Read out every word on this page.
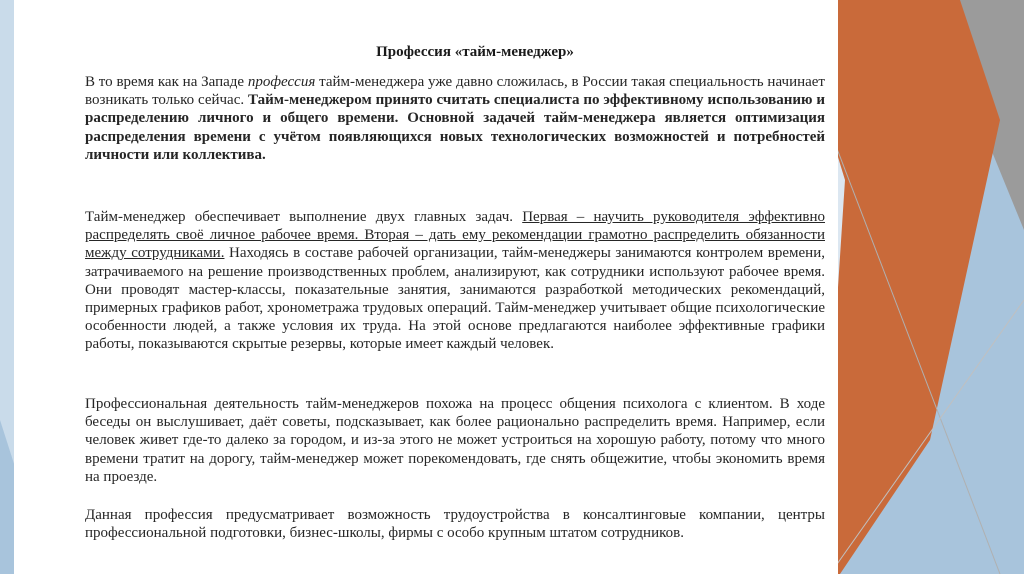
Профессия «тайм-менеджер»

В то время как на Западе профессия тайм-менеджера уже давно сложилась, в России такая специальность начинает возникать только сейчас. Тайм-менеджером принято считать специалиста по эффективному использованию и распределению личного и общего времени. Основной задачей тайм-менеджера является оптимизация распределения времени с учётом появляющихся новых технологических возможностей и потребностей личности или коллектива.

Тайм-менеджер обеспечивает выполнение двух главных задач. Первая – научить руководителя эффективно распределять своё личное рабочее время. Вторая – дать ему рекомендации грамотно распределить обязанности между сотрудниками. Находясь в составе рабочей организации, тайм-менеджеры занимаются контролем времени, затрачиваемого на решение производственных проблем, анализируют, как сотрудники используют рабочее время. Они проводят мастер-классы, показательные занятия, занимаются разработкой методических рекомендаций, примерных графиков работ, хронометража трудовых операций. Тайм-менеджер учитывает общие психологические особенности людей, а также условия их труда. На этой основе предлагаются наиболее эффективные графики работы, показываются скрытые резервы, которые имеет каждый человек.

Профессиональная деятельность тайм-менеджеров похожа на процесс общения психолога с клиентом. В ходе беседы он выслушивает, даёт советы, подсказывает, как более рационально распределить время. Например, если человек живет где-то далеко за городом, и из-за этого не может устроиться на хорошую работу, потому что много времени тратит на дорогу, тайм-менеджер может порекомендовать, где снять общежитие, чтобы экономить время на проезде.

Данная профессия предусматривает возможность трудоустройства в консалтинговые компании, центры профессиональной подготовки, бизнес-школы, фирмы с особо крупным штатом сотрудников.
